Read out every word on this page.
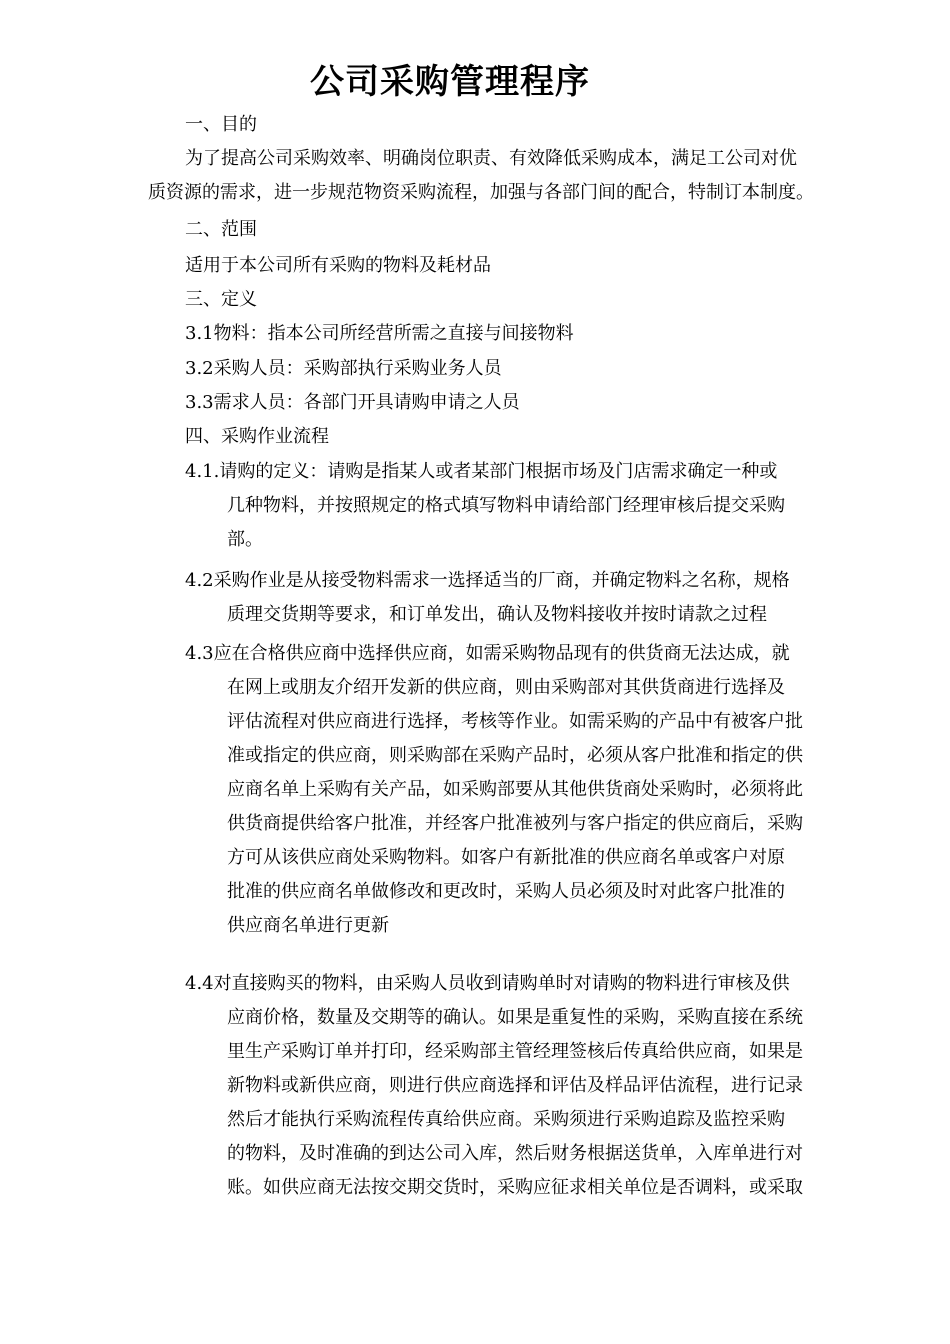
公司采购管理程序
一、目的
为了提高公司采购效率、明确岗位职责、有效降低采购成本，满足工公司对优
质资源的需求，进一步规范物资采购流程，加强与各部门间的配合，特制订本制度。
二、范围
适用于本公司所有采购的物料及耗材品
三、定义
3.1物料：指本公司所经营所需之直接与间接物料
3.2采购人员：采购部执行采购业务人员
3.3需求人员：各部门开具请购申请之人员
四、采购作业流程
4.1.请购的定义：请购是指某人或者某部门根据市场及门店需求确定一种或
几种物料，并按照规定的格式填写物料申请给部门经理审核后提交采购
部。
4.2采购作业是从接受物料需求一选择适当的厂商，并确定物料之名称，规格
质理交货期等要求，和订单发出，确认及物料接收并按时请款之过程
4.3应在合格供应商中选择供应商，如需采购物品现有的供货商无法达成，就
在网上或朋友介绍开发新的供应商，则由采购部对其供货商进行选择及
评估流程对供应商进行选择，考核等作业。如需采购的产品中有被客户批
准或指定的供应商，则采购部在采购产品时，必须从客户批准和指定的供
应商名单上采购有关产品，如采购部要从其他供货商处采购时，必须将此
供货商提供给客户批准，并经客户批准被列与客户指定的供应商后，采购
方可从该供应商处采购物料。如客户有新批准的供应商名单或客户对原
批准的供应商名单做修改和更改时，采购人员必须及时对此客户批准的
供应商名单进行更新
4.4对直接购买的物料，由采购人员收到请购单时对请购的物料进行审核及供
应商价格，数量及交期等的确认。如果是重复性的采购，采购直接在系统
里生产采购订单并打印，经采购部主管经理签核后传真给供应商，如果是
新物料或新供应商，则进行供应商选择和评估及样品评估流程，进行记录
然后才能执行采购流程传真给供应商。采购须进行采购追踪及监控采购
的物料，及时准确的到达公司入库，然后财务根据送货单，入库单进行对
账。如供应商无法按交期交货时，采购应征求相关单位是否调料，或采取
